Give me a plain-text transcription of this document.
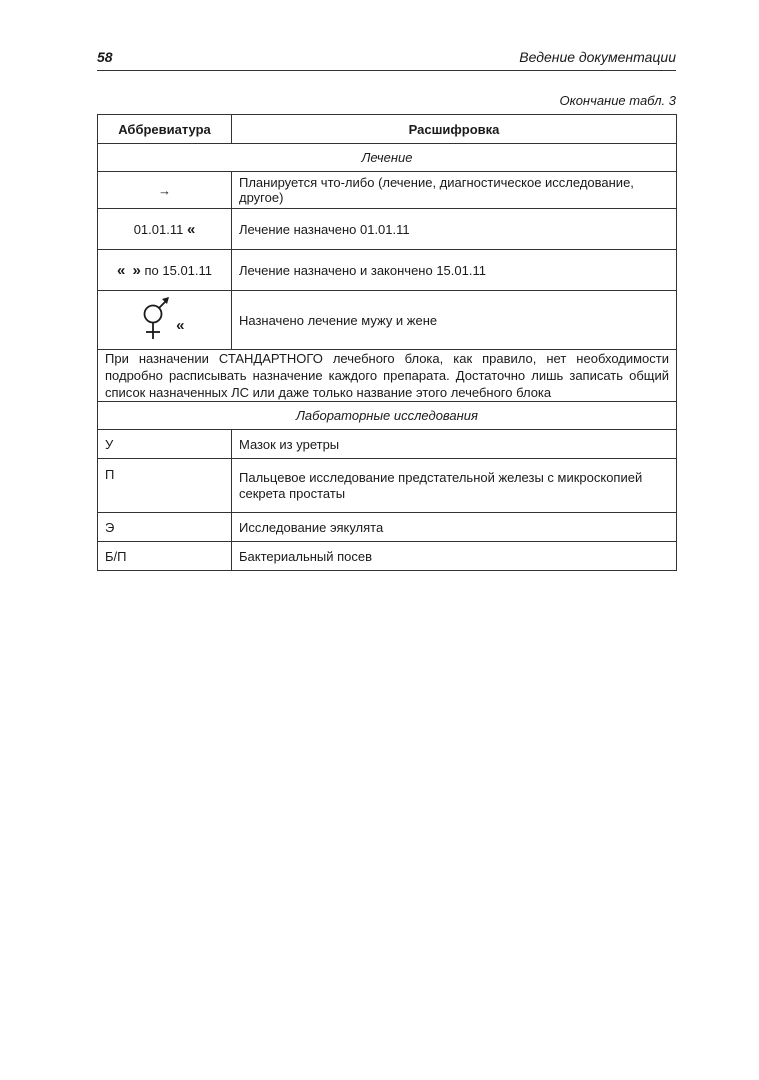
58	Ведение документации
Окончание табл. 3
Аббревиатура	Расшифровка
Лечение	
→	Планируется что-либо (лечение, диагностическое исследование, другое)
01.01.11 «	Лечение назначено 01.01.11
« » по 15.01.11	Лечение назначено и закончено 15.01.11
«	Назначено лечение мужу и жене
При назначении СТАНДАРТНОГО лечебного блока, как правило, нет необходимости подробно расписывать назначение каждого препарата. Достаточно лишь записать общий список назначенных ЛС или даже только название этого лечебного блока	
Лабораторные исследования	
У	Мазок из уретры
П	Пальцевое исследование предстательной железы с микроскопией секрета простаты
Э	Исследование эякулята
Б/П	Бактериальный посев
